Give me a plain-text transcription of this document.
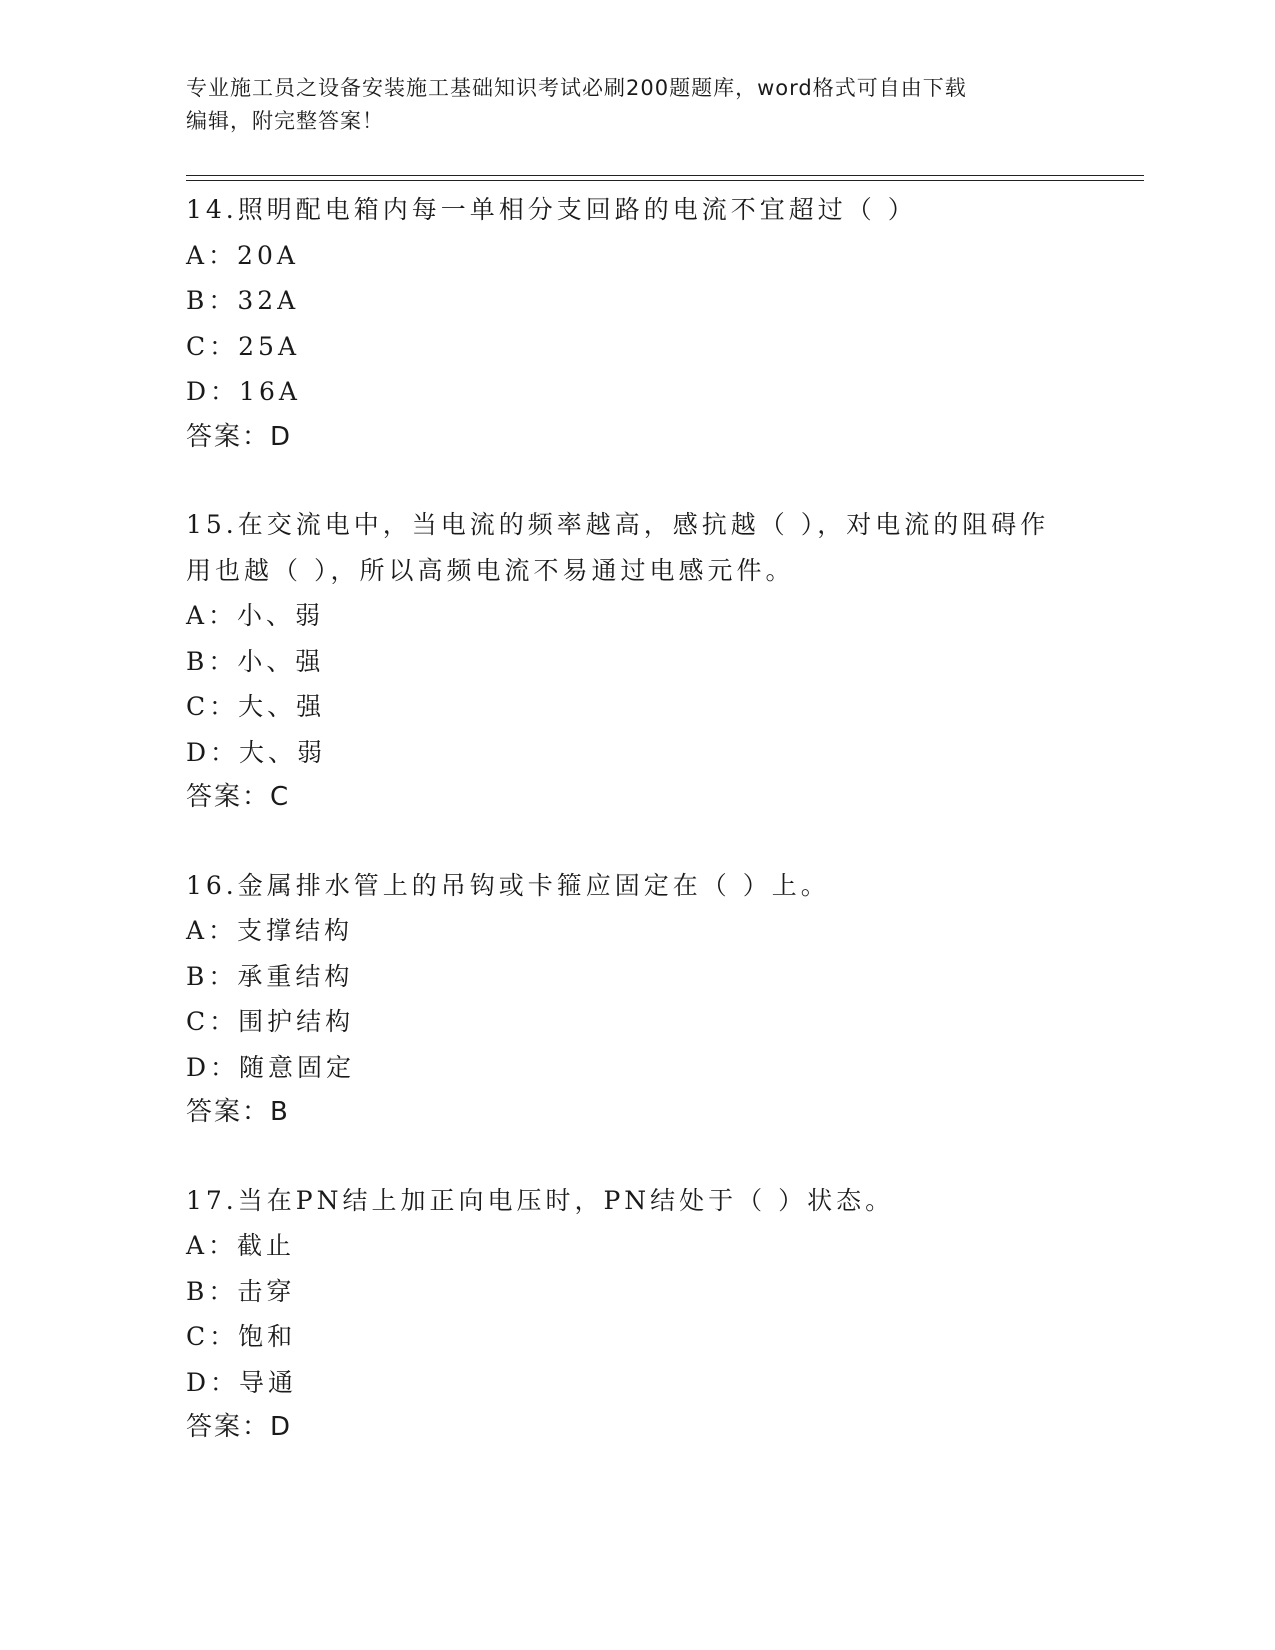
专业施工员之设备安装施工基础知识考试必刷200题题库，word格式可自由下载
编辑，附完整答案！
14.照明配电箱内每一单相分支回路的电流不宜超过（ ）
A：20A
B：32A
C：25A
D：16A
答案：D
15.在交流电中，当电流的频率越高，感抗越（ ），对电流的阻碍作
用也越（ ），所以高频电流不易通过电感元件。
A：小、弱
B：小、强
C：大、强
D：大、弱
答案：C
16.金属排水管上的吊钩或卡箍应固定在（ ）上。
A：支撑结构
B：承重结构
C：围护结构
D：随意固定
答案：B
17.当在PN结上加正向电压时，PN结处于（ ）状态。
A：截止
B：击穿
C：饱和
D：导通
答案：D
